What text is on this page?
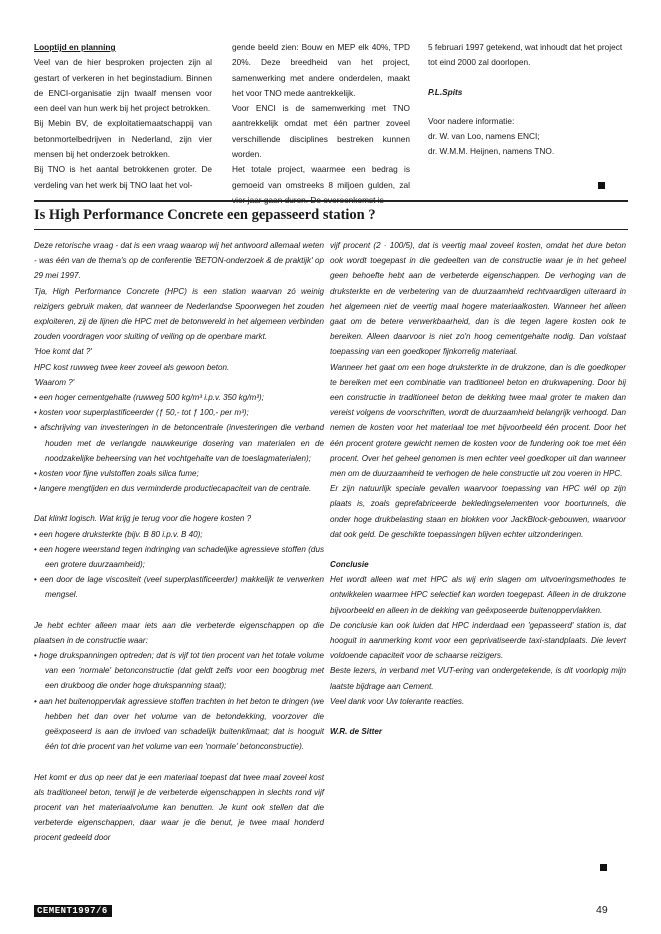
Looptijd en planning

Veel van de hier besproken projecten zijn al gestart of verkeren in het beginstadium. Binnen de ENCI-organisatie zijn twaalf mensen voor een deel van hun werk bij het project betrokken.

Bij Mebin BV, de exploitatiemaatschappij van betonmortelbedrijven in Nederland, zijn vier mensen bij het onderzoek betrokken.

Bij TNO is het aantal betrokkenen groter. De verdeling van het werk bij TNO laat het vol-

gende beeld zien: Bouw en MEP elk 40%, TPD 20%. Deze breedheid van het project, samenwerking met andere onderdelen, maakt het voor TNO mede aantrekkelijk.

Voor ENCI is de samenwerking met TNO aantrekkelijk omdat met één partner zoveel verschillende disciplines bestreken kunnen worden.

Het totale project, waarmee een bedrag is gemoeid van omstreeks 8 miljoen gulden, zal

5 februari 1997 getekend, wat inhoudt dat het project tot eind 2000 zal doorlopen.

P.L.Spits

Voor nadere informatie:

dr. W. van Loo, namens ENCI;

dr. W.M.M. Heijnen, namens TNO.

Is High Performance Concrete een gepasseerd station ?

Deze retorische vraag - dat is een vraag waarop wij het antwoord allemaal weten - was één van de thema's op de conferentie 'BETON-onderzoek & de praktijk' op 29 mei 1997.

Tja, High Performance Concrete (HPC) is een station waarvan zó weinig reizigers gebruik maken, dat wanneer de Nederlandse Spoorwegen het zouden exploiteren, zij de lijnen die HPC met de betonwereld in het algemeen verbinden zouden voordragen voor sluiting of veiling op de openbare markt.

'Hoe komt dat ?'

HPC kost ruwweg twee keer zoveel als gewoon beton.

'Waarom ?'

• een hoger cementgehalte (ruwweg 500 kg/m³ i.p.v. 350 kg/m³);

• kosten voor superplastificeerder (ƒ 50,- tot ƒ 100,- per m³);

• afschrijving van investeringen in de betoncentrale (investeringen die verband houden met de verlangde nauwkeurige dosering van materialen en de noodzakelijke beheersing van het vochtgehalte van de toeslagmaterialen);

• kosten voor fijne vulstoffen zoals silica fume;

• langere mengtijden en dus verminderde productiecapaciteit van de centrale.

Dat klinkt logisch. Wat krijg je terug voor die hogere kosten ?

• een hogere druksterkte (bijv. B 80 i.p.v. B 40);

• een hogere weerstand tegen indringing van schadelijke agressieve stoffen (dus een grotere duurzaamheid);

• een door de lage viscositeit (veel superplastificeerder) makkelijk te verwerken mengsel.

Je hebt echter alleen maar iets aan die verbeterde eigenschappen op die plaatsen in de constructie waar:

• hoge drukspanningen optreden; dat is vijf tot tien procent van het totale volume van een 'normale' betonconstructie (dat geldt zelfs voor een boogbrug met een drukboog die onder hoge drukspanning staat);

• aan het buitenoppervlak agressieve stoffen trachten in het beton te dringen (we hebben het dan over het volume van de betondekking, voorzover die geëxposeerd is aan de invloed van schadelijk buitenklimaat; dat is hooguit één tot drie procent van het volume van een 'normale' betonconstructie).

Het komt er dus op neer dat je een materiaal toepast dat twee maal zoveel kost als traditioneel beton, terwijl je de verbeterde eigenschappen in slechts rond vijf procent van het materiaalvolume kan benutten. Je kunt ook stellen dat die verbeterde eigenschappen, daar waar je die benut, je twee maal honderd procent gedeeld door

vijf procent (2 · 100/5), dat is veertig maal zoveel kosten, omdat het dure beton ook wordt toegepast in die gedeelten van de constructie waar je in het geheel geen behoefte hebt aan de verbeterde eigenschappen. De verhoging van de druksterkte en de verbetering van de duurzaamheid rechtvaardigen uiteraard in het algemeen niet de veertig maal hogere materiaalkosten. Wanneer het alleen gaat om de betere verwerkbaarheid, dan is die tegen lagere kosten ook te bereiken. Alleen daarvoor is niet zo'n hoog cementgehalte nodig. Dan volstaat toepassing van een goedkoper fijnkorrelig materiaal.

Wanneer het gaat om een hoge druksterkte in de drukzone, dan is die goedkoper te bereiken met een combinatie van traditioneel beton en drukwapening. Door bij een constructie in traditioneel beton de dekking twee maal groter te maken dan vereist volgens de voorschriften, wordt de duurzaamheid belangrijk verhoogd. Dan nemen de kosten voor het materiaal toe met bijvoorbeeld één procent. Door het één procent grotere gewicht nemen de kosten voor de fundering ook toe met één procent. Over het geheel genomen is men echter veel goedkoper uit dan wanneer men om de duurzaamheid te verhogen de hele constructie uit zou voeren in HPC.

Er zijn natuurlijk speciale gevallen waarvoor toepassing van HPC wél op zijn plaats is, zoals geprefabriceerde bekledingselementen voor boortunnels, die onder hoge drukbelasting staan en blokken voor JackBlock-gebouwen, waarvoor dat ook geld. De geschikte toepassingen blijven echter uitzonderingen.

Conclusie

Het wordt alleen wat met HPC als wij erin slagen om uitvoeringsmethodes te ontwikkelen waarmee HPC selectief kan worden toegepast. Alleen in de drukzone bijvoorbeeld en alleen in de dekking van geëxposeerde buitenoppervlakken.

De conclusie kan ook luiden dat HPC inderdaad een 'gepasseerd' station is, dat hooguit in aanmerking komt voor een geprivatiseerde taxi-standplaats. Die levert voldoende capaciteit voor de schaarse reizigers.

Beste lezers, in verband met VUT-ering van ondergetekende, is dit voorlopig mijn laatste bijdrage aan Cement.

Veel dank voor Uw tolerante reacties.

W.R. de Sitter

CEMENT1997/6	49
